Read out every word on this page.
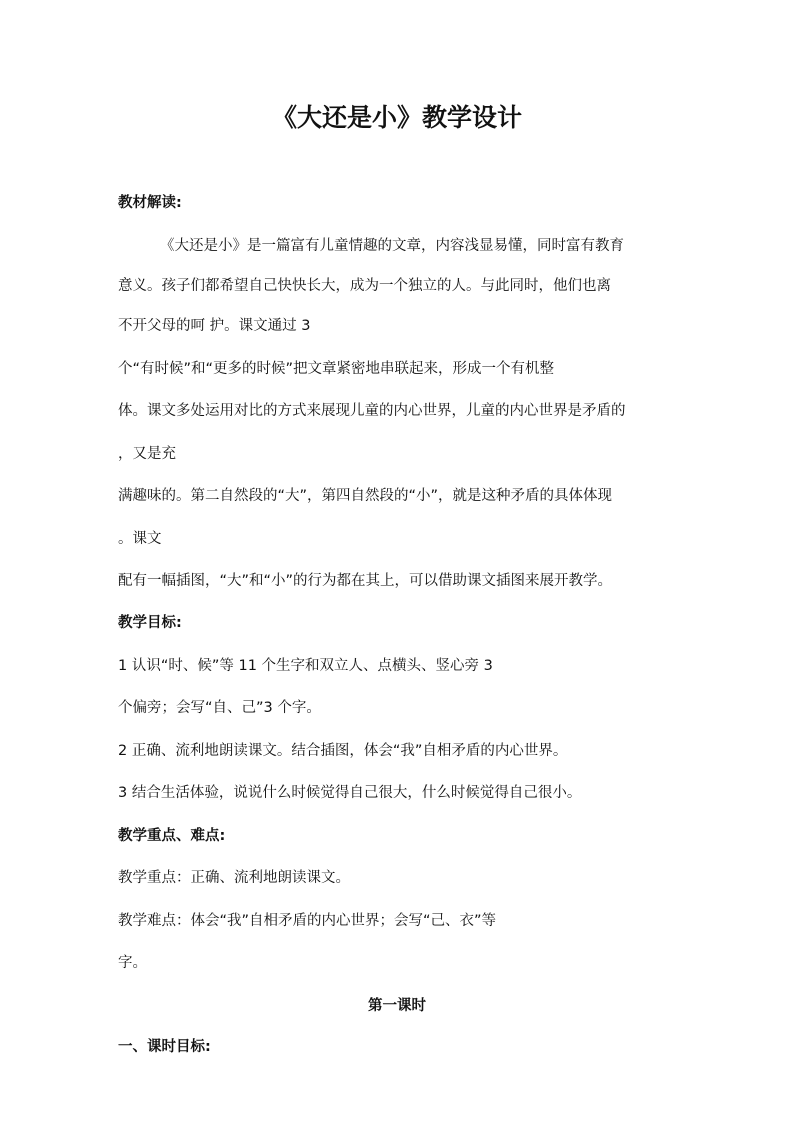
《大还是小》教学设计

教材解读:

《大还是小》是一篇富有儿童情趣的文章，内容浅显易懂，同时富有教育

意义。孩子们都希望自己快快长大，成为一个独立的人。与此同时，他们也离

不开父母的呵 护。课文通过 3

个“有时候”和“更多的时候”把文章紧密地串联起来，形成一个有机整

体。课文多处运用对比的方式来展现儿童的内心世界，儿童的内心世界是矛盾的

，又是充

满趣味的。第二自然段的“大”，第四自然段的“小”，就是这种矛盾的具体体现

。课文

配有一幅插图，“大”和“小”的行为都在其上，可以借助课文插图来展开教学。

教学目标:

1 认识“时、候”等 11 个生字和双立人、点横头、竖心旁 3

个偏旁；会写“自、己”3 个字。

2 正确、流利地朗读课文。结合插图，体会“我”自相矛盾的内心世界。

3 结合生活体验，说说什么时候觉得自己很大，什么时候觉得自己很小。

教学重点、难点:

教学重点：正确、流利地朗读课文。

教学难点：体会“我”自相矛盾的内心世界；会写“己、衣”等

字。

第一课时

一、课时目标:
